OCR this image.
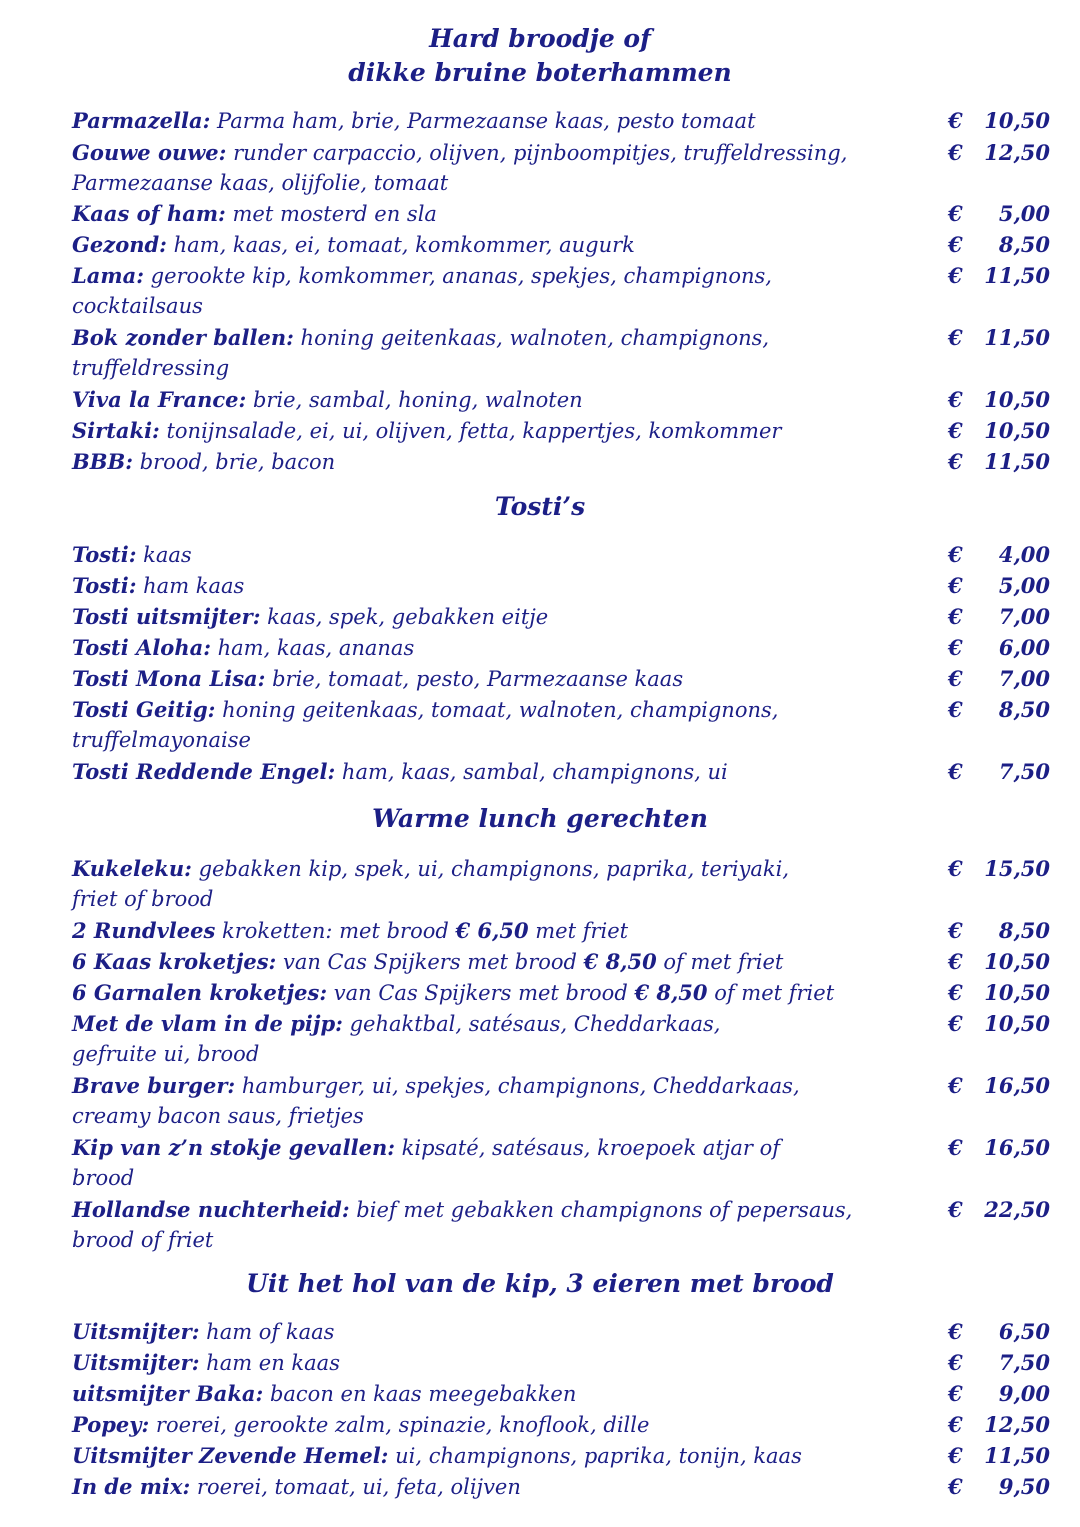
Hard broodje of
dikke bruine boterhammen
Parmazella: Parma ham, brie, Parmezaanse kaas, pesto tomaat	€	10,50
Gouwe ouwe: runder carpaccio, olijven, pijnboompitjes, truffeldressing,	€	12,50
Parmezaanse kaas, olijfolie, tomaat
Kaas of ham: met mosterd en sla	€	5,00
Gezond: ham, kaas, ei, tomaat, komkommer, augurk	€	8,50
Lama: gerookte kip, komkommer, ananas, spekjes, champignons,	€	11,50
cocktailsaus
Bok zonder ballen: honing geitenkaas, walnoten, champignons,	€	11,50
truffeldressing
Viva la France: brie, sambal, honing, walnoten	€	10,50
Sirtaki: tonijnsalade, ei, ui, olijven, fetta, kappertjes, komkommer	€	10,50
BBB: brood, brie, bacon	€	11,50
Tosti’s
Tosti: kaas	€	4,00
Tosti: ham kaas	€	5,00
Tosti uitsmijter: kaas, spek, gebakken eitje	€	7,00
Tosti Aloha: ham, kaas, ananas	€	6,00
Tosti Mona Lisa: brie, tomaat, pesto, Parmezaanse kaas	€	7,00
Tosti Geitig: honing geitenkaas, tomaat, walnoten, champignons,	€	8,50
truffelmayonaise
Tosti Reddende Engel: ham, kaas, sambal, champignons, ui	€	7,50
Warme lunch gerechten
Kukeleku: gebakken kip, spek, ui, champignons, paprika, teriyaki,	€	15,50
friet of brood
2 Rundvlees kroketten: met brood € 6,50 met friet	€	8,50
6 Kaas kroketjes: van Cas Spijkers met brood € 8,50 of met friet	€	10,50
6 Garnalen kroketjes: van Cas Spijkers met brood € 8,50 of met friet	€	10,50
Met de vlam in de pijp: gehaktbal, satésaus, Cheddarkaas,	€	10,50
gefruite ui, brood
Brave burger: hamburger, ui, spekjes, champignons, Cheddarkaas,	€	16,50
creamy bacon saus, frietjes
Kip van z’n stokje gevallen: kipsaté, satésaus, kroepoek atjar of	€	16,50
brood
Hollandse nuchterheid: bief met gebakken champignons of pepersaus,	€	22,50
brood of friet
Uit het hol van de kip, 3 eieren met brood
Uitsmijter: ham of kaas	€	6,50
Uitsmijter: ham en kaas	€	7,50
uitsmijter Baka: bacon en kaas meegebakken	€	9,00
Popey: roerei, gerookte zalm, spinazie, knoflook, dille	€	12,50
Uitsmijter Zevende Hemel: ui, champignons, paprika, tonijn, kaas	€	11,50
In de mix: roerei, tomaat, ui, feta, olijven	€	9,50
